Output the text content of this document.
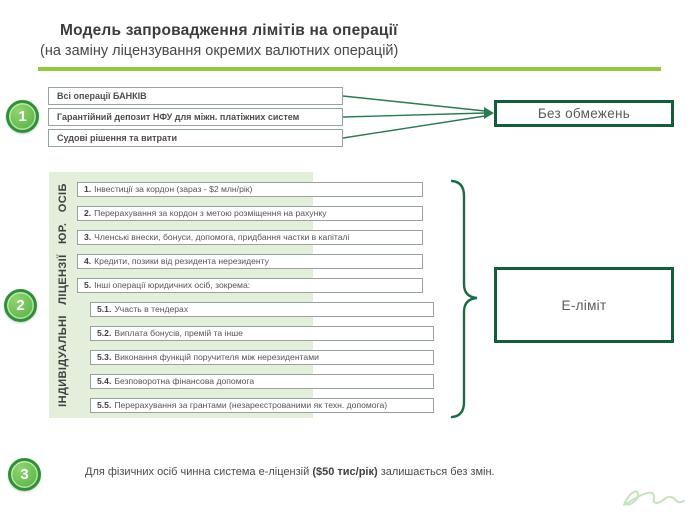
Модель запровадження лімітів на операції
(на заміну ліцензування окремих валютних операцій)
1
Всі операції БАНКІВ
Гарантійний депозит НФУ для міжн. платіжних систем
Судові рішення та витрати
Без обмежень
2	ІНДИВІДУАЛЬНІ ЛІЦЕНЗІЇ ЮР. ОСІБ	1. Інвестиції за кордон (зараз - $2 млн/рік)
2. Перерахування за кордон з метою розміщення на рахунку
3. Членські внески, бонуси, допомога, придбання частки в капіталі
4. Кредити, позики від резидента нерезиденту
5. Інші операції юридичних осіб, зокрема:
5.1. Участь в тендерах
5.2. Виплата бонусів, премій та інше
5.3. Виконання функцій поручителя між нерезидентами
5.4. Безповоротна фінансова допомога
5.5. Перерахування за грантами (незареєстрованими як техн. допомога)
Е-ліміт
3	Для фізичних осіб чинна система е-ліцензій ($50 тис/рік) залишається без змін.
